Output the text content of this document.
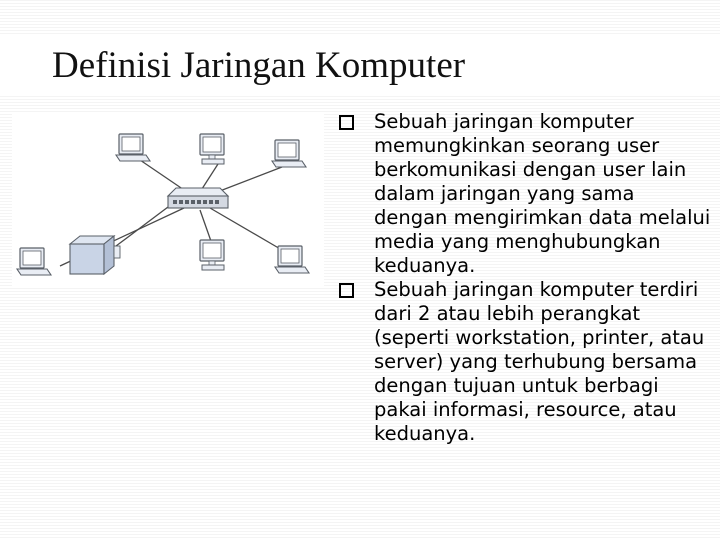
Definisi Jaringan Komputer
Sebuah jaringan komputer memungkinkan seorang user berkomunikasi dengan user lain dalam jaringan yang sama dengan mengirimkan data melalui media yang menghubungkan keduanya.
Sebuah jaringan komputer terdiri dari 2 atau lebih perangkat (seperti workstation, printer, atau server) yang terhubung bersama dengan tujuan untuk berbagi pakai informasi, resource, atau keduanya.
